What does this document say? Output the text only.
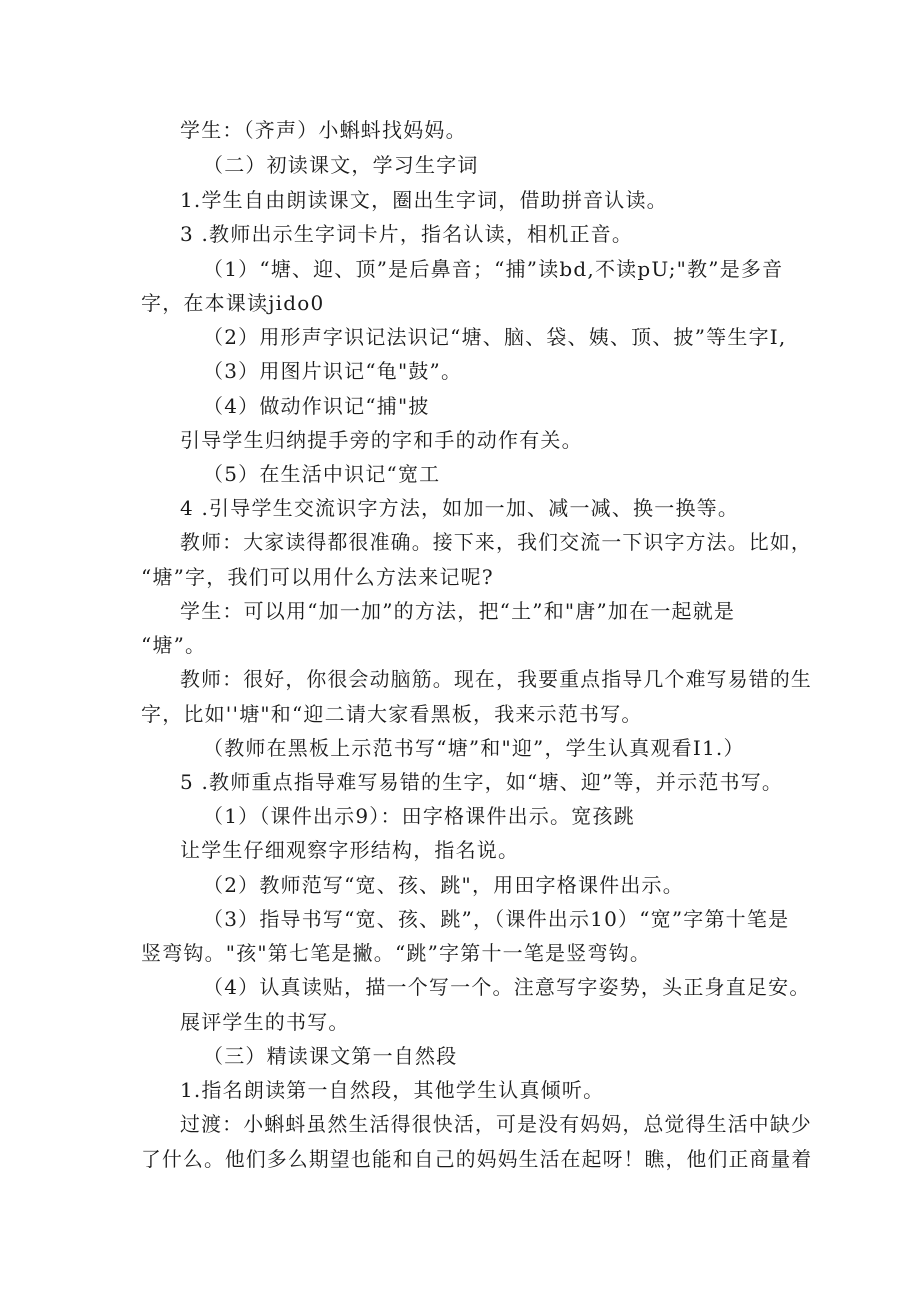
学生：（齐声）小蝌蚪找妈妈。
（二）初读课文，学习生字词
1.学生自由朗读课文，圈出生字词，借助拼音认读。
3 .教师出示生字词卡片，指名认读，相机正音。
（1）“塘、迎、顶”是后鼻音；“捕”读bd,不读pU;"教”是多音
字，在本课读jido0
（2）用形声字识记法识记“塘、脑、袋、姨、顶、披”等生字I,
（3）用图片识记“龟"鼓”。
（4）做动作识记“捕"披
引导学生归纳提手旁的字和手的动作有关。
（5）在生活中识记“宽工
4 .引导学生交流识字方法，如加一加、减一减、换一换等。
教师：大家读得都很准确。接下来，我们交流一下识字方法。比如，
“塘”字，我们可以用什么方法来记呢?
学生：可以用“加一加”的方法，把“土”和"唐”加在一起就是
“塘”。
教师：很好，你很会动脑筋。现在，我要重点指导几个难写易错的生
字，比如''塘"和“迎二请大家看黑板，我来示范书写。
（教师在黑板上示范书写“塘”和"迎”，学生认真观看I1.）
5 .教师重点指导难写易错的生字，如“塘、迎”等，并示范书写。
（1）（课件出示9）：田字格课件出示。宽孩跳
让学生仔细观察字形结构，指名说。
（2）教师范写“宽、孩、跳"，用田字格课件出示。
（3）指导书写“宽、孩、跳”，（课件出示10）“宽”字第十笔是
竖弯钩。"孩"第七笔是撇。“跳”字第十一笔是竖弯钩。
（4）认真读贴，描一个写一个。注意写字姿势，头正身直足安。
展评学生的书写。
（三）精读课文第一自然段
1.指名朗读第一自然段，其他学生认真倾听。
过渡：小蝌蚪虽然生活得很快活，可是没有妈妈，总觉得生活中缺少
了什么。他们多么期望也能和自己的妈妈生活在起呀！瞧，他们正商量着
